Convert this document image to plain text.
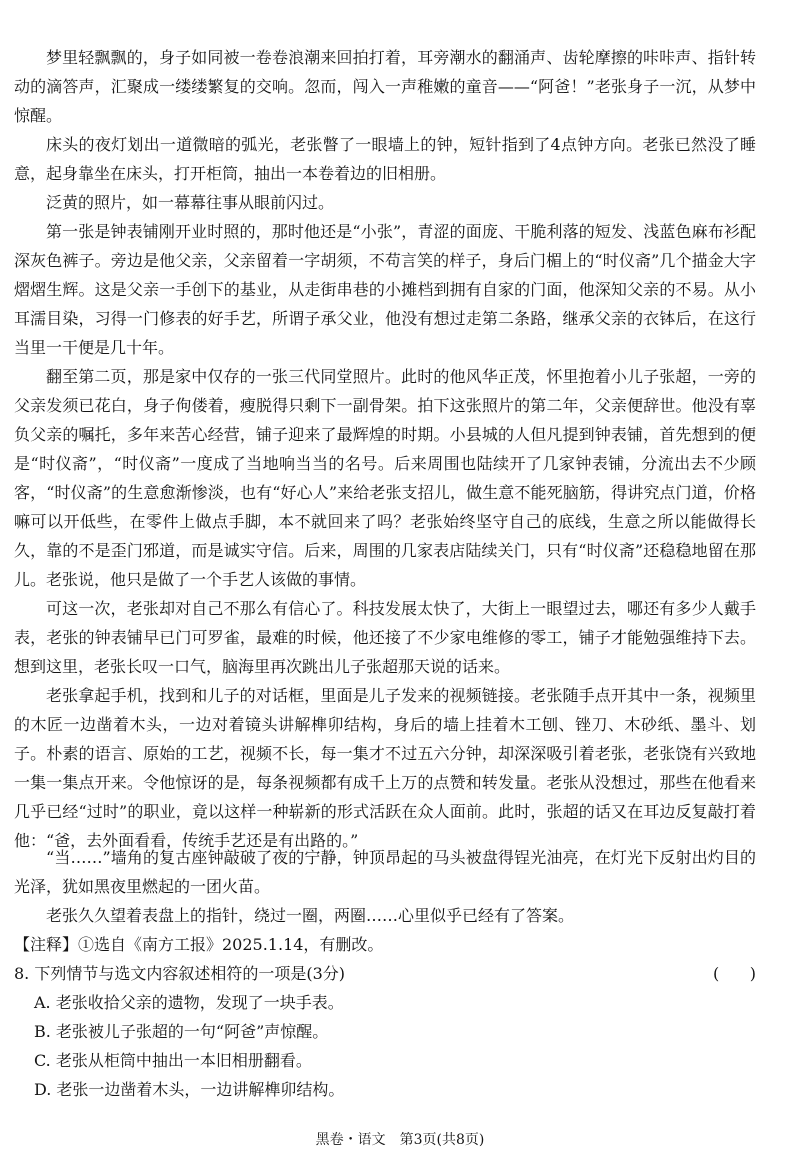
梦里轻飘飘的，身子如同被一卷卷浪潮来回拍打着，耳旁潮水的翻涌声、齿轮摩擦的咔咔声、指针转动的滴答声，汇聚成一缕缕繁复的交响。忽而，闯入一声稚嫩的童音——“阿爸！”老张身子一沉，从梦中惊醒。

床头的夜灯划出一道微暗的弧光，老张瞥了一眼墙上的钟，短针指到了4点钟方向。老张已然没了睡意，起身靠坐在床头，打开柜筒，抽出一本卷着边的旧相册。

泛黄的照片，如一幕幕往事从眼前闪过。

第一张是钟表铺刚开业时照的，那时他还是“小张”，青涩的面庞、干脆利落的短发、浅蓝色麻布衫配深灰色裤子。旁边是他父亲，父亲留着一字胡须，不苟言笑的样子，身后门楣上的“时仪斋”几个描金大字熠熠生辉。这是父亲一手创下的基业，从走街串巷的小摊档到拥有自家的门面，他深知父亲的不易。从小耳濡目染，习得一门修表的好手艺，所谓子承父业，他没有想过走第二条路，继承父亲的衣钵后，在这行当里一干便是几十年。

翻至第二页，那是家中仅存的一张三代同堂照片。此时的他风华正茂，怀里抱着小儿子张超，一旁的父亲发须已花白，身子佝偻着，瘦脱得只剩下一副骨架。拍下这张照片的第二年，父亲便辞世。他没有辜负父亲的嘱托，多年来苦心经营，铺子迎来了最辉煌的时期。小县城的人但凡提到钟表铺，首先想到的便是“时仪斋”，“时仪斋”一度成了当地响当当的名号。后来周围也陆续开了几家钟表铺，分流出去不少顾客，“时仪斋”的生意愈渐惨淡，也有“好心人”来给老张支招儿，做生意不能死脑筋，得讲究点门道，价格嘛可以开低些，在零件上做点手脚，本不就回来了吗？老张始终坚守自己的底线，生意之所以能做得长久，靠的不是歪门邪道，而是诚实守信。后来，周围的几家表店陆续关门，只有“时仪斋”还稳稳地留在那儿。老张说，他只是做了一个手艺人该做的事情。

可这一次，老张却对自己不那么有信心了。科技发展太快了，大街上一眼望过去，哪还有多少人戴手表，老张的钟表铺早已门可罗雀，最难的时候，他还接了不少家电维修的零工，铺子才能勉强维持下去。想到这里，老张长叹一口气，脑海里再次跳出儿子张超那天说的话来。

老张拿起手机，找到和儿子的对话框，里面是儿子发来的视频链接。老张随手点开其中一条，视频里的木匠一边凿着木头，一边对着镜头讲解榫卯结构，身后的墙上挂着木工刨、锉刀、木砂纸、墨斗、划子。朴素的语言、原始的工艺，视频不长，每一集才不过五六分钟，却深深吸引着老张，老张饶有兴致地一集一集点开来。令他惊讶的是，每条视频都有成千上万的点赞和转发量。老张从没想过，那些在他看来几乎已经“过时”的职业，竟以这样一种崭新的形式活跃在众人面前。此时，张超的话又在耳边反复敲打着他：“爸，去外面看看，传统手艺还是有出路的。”

“当……”墙角的复古座钟敲破了夜的宁静，钟顶昂起的马头被盘得锃光油亮，在灯光下反射出灼目的光泽，犹如黑夜里燃起的一团火苗。

老张久久望着表盘上的指针，绕过一圈，两圈……心里似乎已经有了答案。

【注释】①选自《南方工报》2025.1.14，有删改。

8. 下列情节与选文内容叙述相符的一项是(3分)	(      )
A. 老张收拾父亲的遗物，发现了一块手表。
B. 老张被儿子张超的一句“阿爸”声惊醒。
C. 老张从柜筒中抽出一本旧相册翻看。
D. 老张一边凿着木头，一边讲解榫卯结构。
黑卷・语文　第3页(共8页)
